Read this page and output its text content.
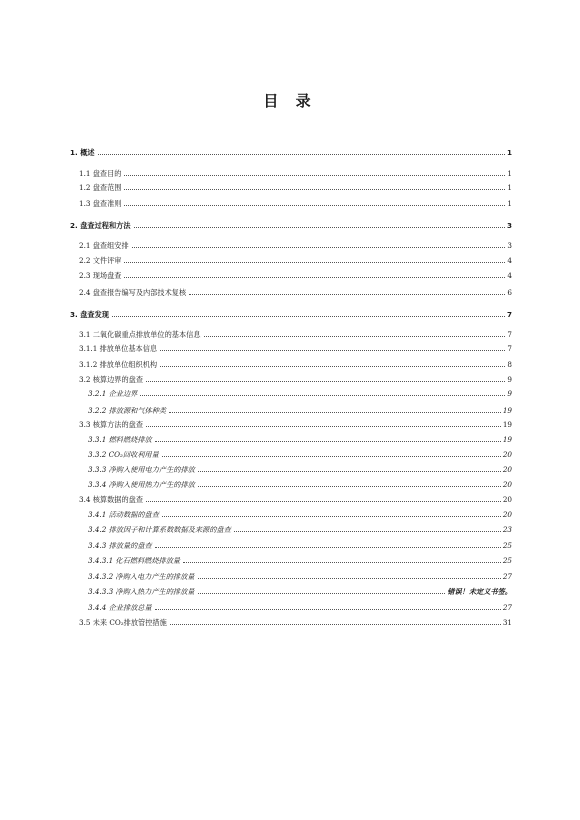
目 录
1. 概述	1
1.1 盘查目的	1
1.2 盘查范围	1
1.3 盘查准则	1
2. 盘查过程和方法	3
2.1 盘查组安排	3
2.2 文件评审	4
2.3 现场盘查	4
2.4 盘查报告编写及内部技术复核	6
3. 盘查发现	7
3.1 二氧化碳重点排放单位的基本信息	7
3.1.1 排放单位基本信息	7
3.1.2 排放单位组织机构	8
3.2 核算边界的盘查	9
3.2.1 企业边界	9
3.2.2 排放源和气体种类	19
3.3 核算方法的盘查	19
3.3.1 燃料燃烧排放	19
3.3.2 CO₂回收利用量	20
3.3.3 净购入使用电力产生的排放	20
3.3.4 净购入使用热力产生的排放	20
3.4 核算数据的盘查	20
3.4.1 活动数据的盘查	20
3.4.2 排放因子和计算系数数据及来源的盘查	23
3.4.3 排放量的盘查	25
3.4.3.1 化石燃料燃烧排放量	25
3.4.3.2 净购入电力产生的排放量	27
3.4.3.3 净购入热力产生的排放量	错误！未定义书签。
3.4.4 企业排放总量	27
3.5 未来 CO₂排放管控措施	31
